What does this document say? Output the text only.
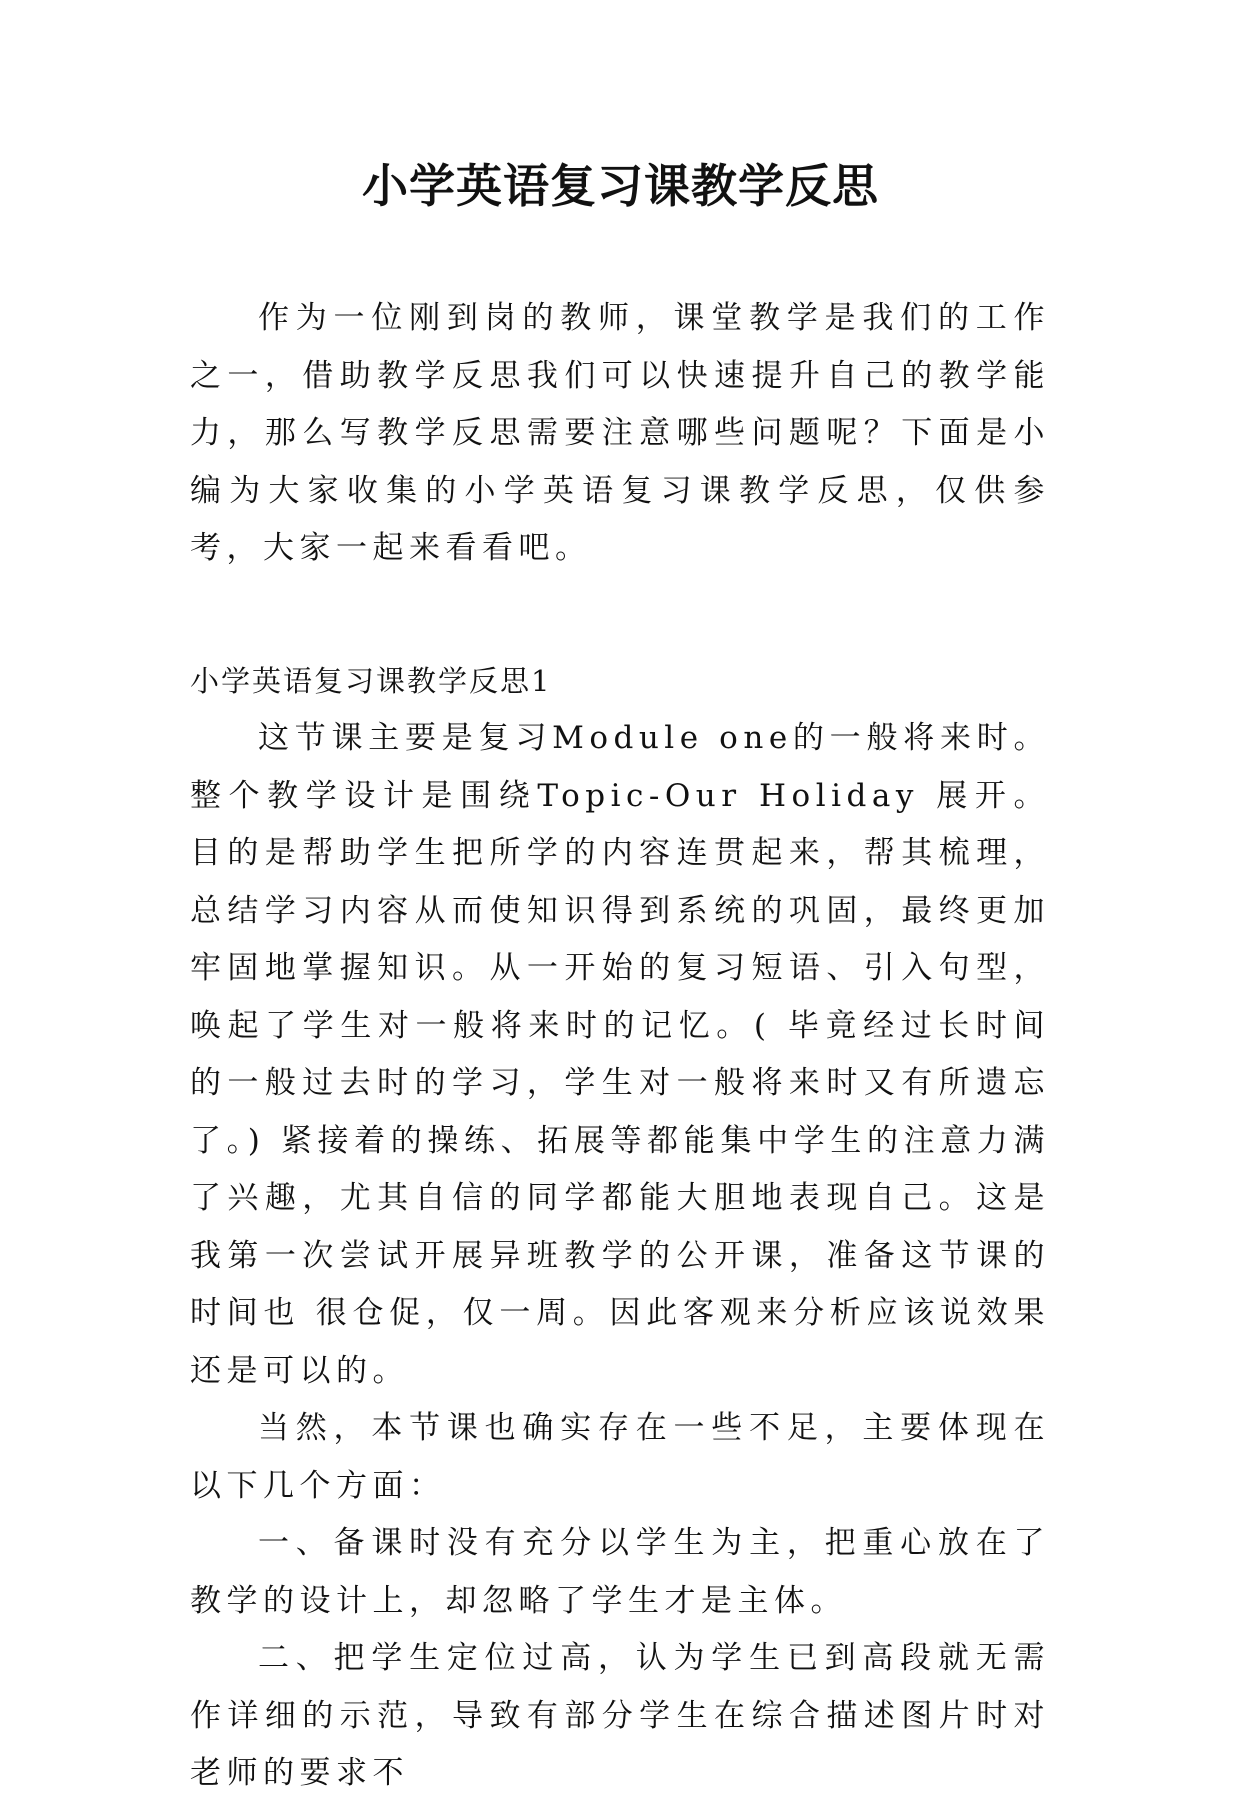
小学英语复习课教学反思

作为一位刚到岗的教师，课堂教学是我们的工作之一，借助教学反思我们可以快速提升自己的教学能力，那么写教学反思需要注意哪些问题呢？下面是小编为大家收集的小学英语复习课教学反思，仅供参考，大家一起来看看吧。

小学英语复习课教学反思1

这节课主要是复习Module one的一般将来时。整个教学设计是围绕Topic-Our Holiday 展开。目的是帮助学生把所学的内容连贯起来，帮其梳理，总结学习内容从而使知识得到系统的巩固，最终更加牢固地掌握知识。从一开始的复习短语、引入句型，唤起了学生对一般将来时的记忆。( 毕竟经过长时间的一般过去时的学习，学生对一般将来时又有所遗忘了。) 紧接着的操练、拓展等都能集中学生的注意力满了兴趣，尤其自信的同学都能大胆地表现自己。这是我第一次尝试开展异班教学的公开课，准备这节课的时间也 很仓促，仅一周。因此客观来分析应该说效果还是可以的。

当然，本节课也确实存在一些不足，主要体现在以下几个方面：

一、备课时没有充分以学生为主，把重心放在了教学的设计上，却忽略了学生才是主体。

二、把学生定位过高，认为学生已到高段就无需作详细的示范，导致有部分学生在综合描述图片时对老师的要求不
